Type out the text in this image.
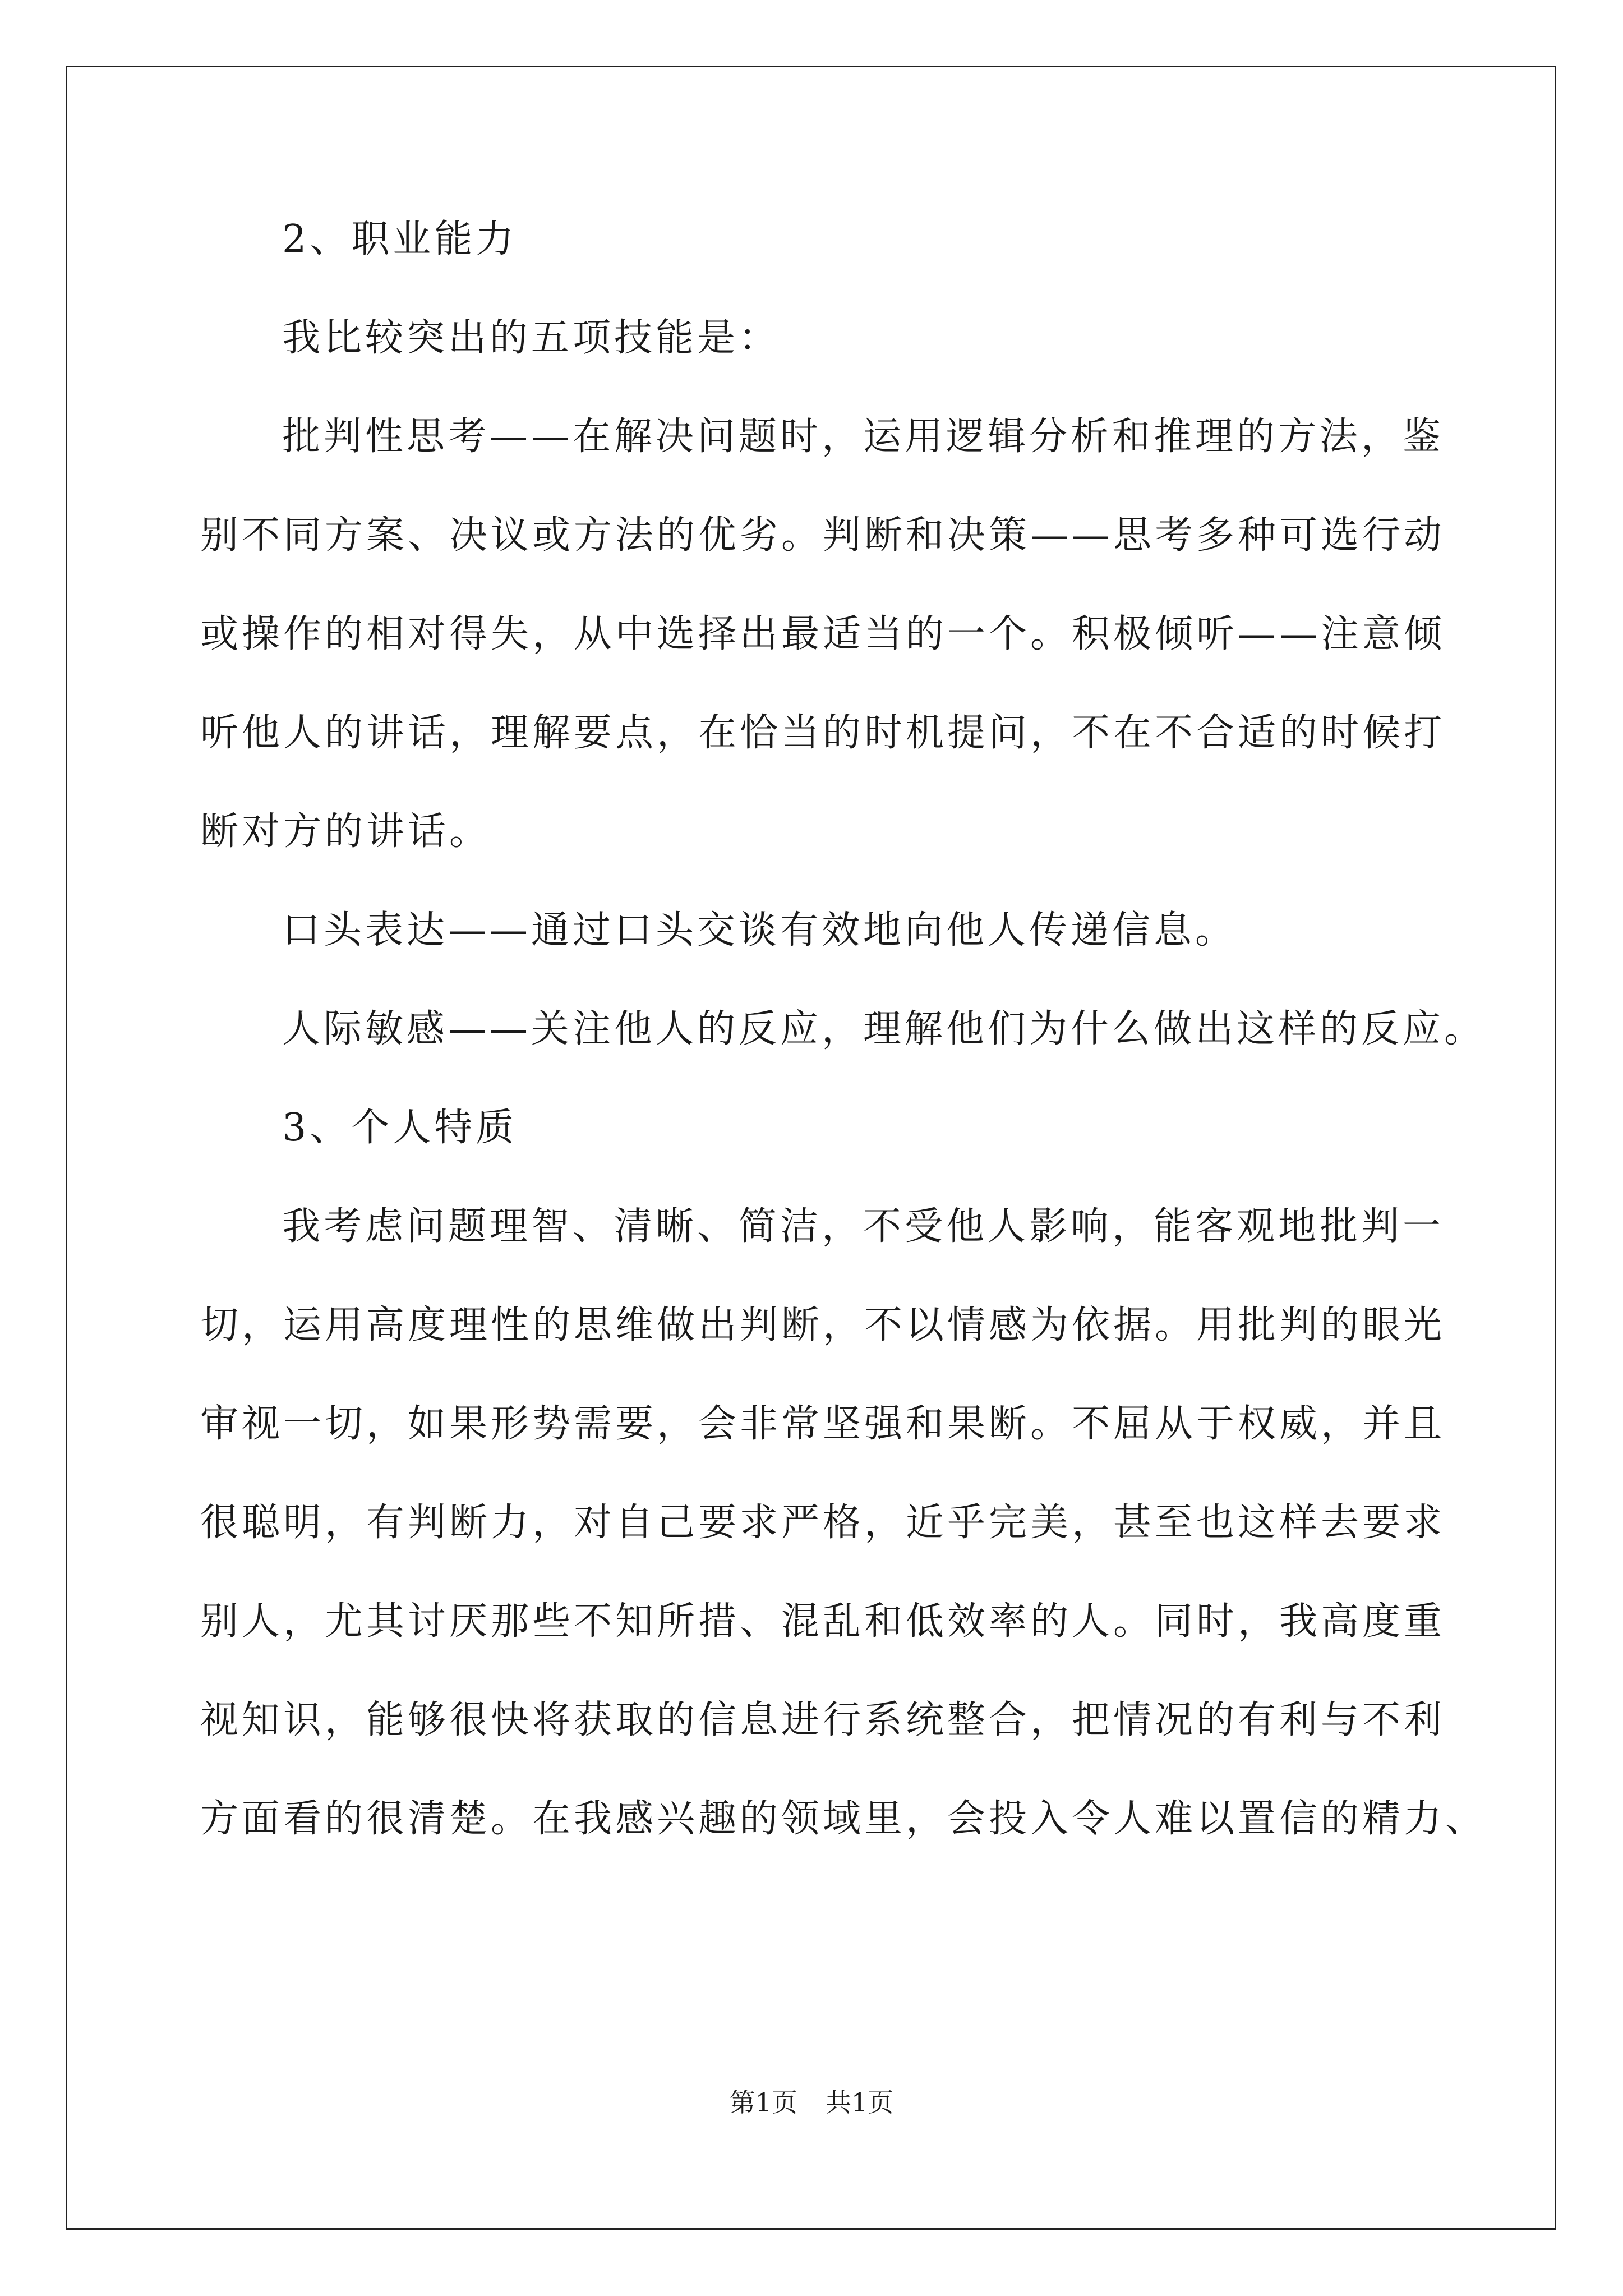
2、职业能力
我比较突出的五项技能是：
批判性思考——在解决问题时，运用逻辑分析和推理的方法，鉴
别不同方案、决议或方法的优劣。判断和决策——思考多种可选行动
或操作的相对得失，从中选择出最适当的一个。积极倾听——注意倾
听他人的讲话，理解要点，在恰当的时机提问，不在不合适的时候打
断对方的讲话。
口头表达——通过口头交谈有效地向他人传递信息。
人际敏感——关注他人的反应，理解他们为什么做出这样的反应。
3、个人特质
我考虑问题理智、清晰、简洁，不受他人影响，能客观地批判一
切，运用高度理性的思维做出判断，不以情感为依据。用批判的眼光
审视一切，如果形势需要，会非常坚强和果断。不屈从于权威，并且
很聪明，有判断力，对自己要求严格，近乎完美，甚至也这样去要求
别人，尤其讨厌那些不知所措、混乱和低效率的人。同时，我高度重
视知识，能够很快将获取的信息进行系统整合，把情况的有利与不利
方面看的很清楚。在我感兴趣的领域里，会投入令人难以置信的精力、
第1页 共1页
